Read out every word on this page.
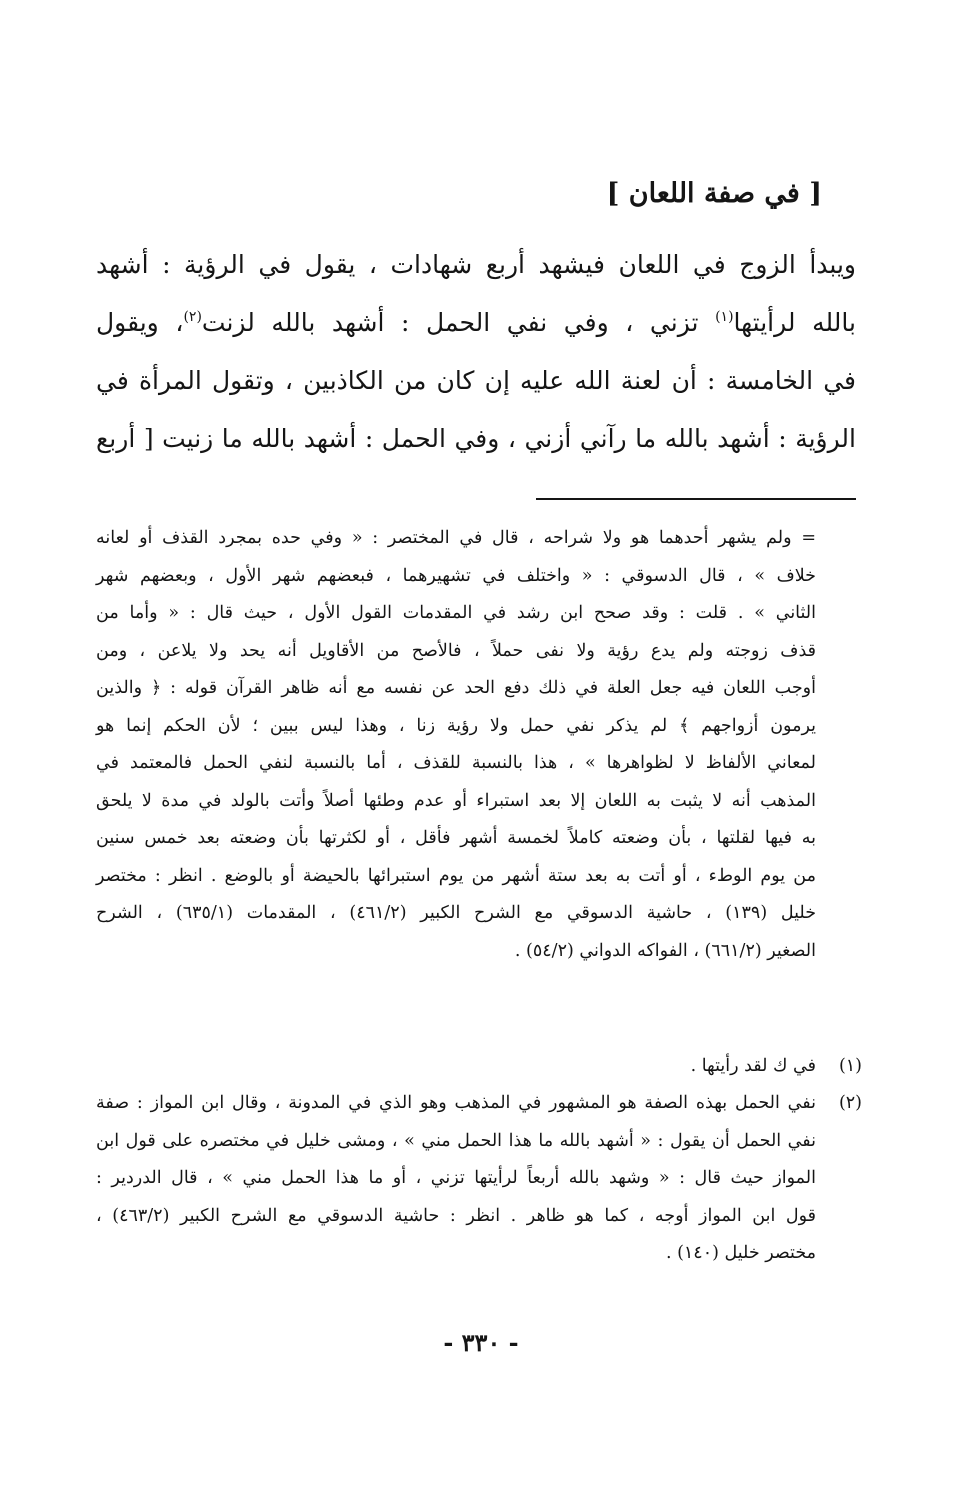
[ في صفة اللعان ]
ويبدأ الزوج في اللعان فيشهد أربع شهادات ، يقول في الرؤية : أشهد
بالله لرأيتها$^{(١)}$ تزني ، وفي نفي الحمل : أشهد بالله لزنت$^{(٢)}$، ويقول
في الخامسة : أن لعنة الله عليه إن كان من الكاذبين ، وتقول المرأة في
الرؤية : أشهد بالله ما رآني أزني ، وفي الحمل : أشهد بالله ما زنيت [ أربع
= ولم يشهر أحدهما هو ولا شراحه ، قال في المختصر : « وفي حده بمجرد القذف أو لعانه
خلاف » ، قال الدسوقي : « واختلف في تشهيرهما ، فبعضهم شهر الأول ، وبعضهم شهر
الثاني » . قلت : وقد صحح ابن رشد في المقدمات القول الأول ، حيث قال : « وأما من
قذف زوجته ولم يدع رؤية ولا نفى حملاً ، فالأصح من الأقاويل أنه يحد ولا يلاعن ، ومن
أوجب اللعان فيه جعل العلة في ذلك دفع الحد عن نفسه مع أنه ظاهر القرآن قوله : ﴿ والذين
يرمون أزواجهم ﴾ لم يذكر نفي حمل ولا رؤية زنا ، وهذا ليس ببين ؛ لأن الحكم إنما هو
لمعاني الألفاظ لا لظواهرها » ، هذا بالنسبة للقذف ، أما بالنسبة لنفي الحمل فالمعتمد في
المذهب أنه لا يثبت به اللعان إلا بعد استبراء أو عدم وطئها أصلاً وأتت بالولد في مدة لا يلحق
به فيها لقلتها ، بأن وضعته كاملاً لخمسة أشهر فأقل ، أو لكثرتها بأن وضعته بعد خمس سنين
من يوم الوطء ، أو أتت به بعد ستة أشهر من يوم استبرائها بالحيضة أو بالوضع . انظر : مختصر
خليل (١٣٩) ، حاشية الدسوقي مع الشرح الكبير (٤٦١/٢) ، المقدمات (٦٣٥/١) ، الشرح
الصغير (٦٦١/٢) ، الفواكه الدواني (٥٤/٢) .
(١)
في ك لقد رأيتها .
(٢)
نفي الحمل بهذه الصفة هو المشهور في المذهب وهو الذي في المدونة ، وقال ابن المواز : صفة
نفي الحمل أن يقول : « أشهد بالله ما هذا الحمل مني » ، ومشى خليل في مختصره على قول ابن
المواز حيث قال : « وشهد بالله أربعاً لرأيتها تزني ، أو ما هذا الحمل مني » ، قال الدردير :
قول ابن المواز أوجه ، كما هو ظاهر . انظر : حاشية الدسوقي مع الشرح الكبير (٤٦٣/٢) ،
مختصر خليل (١٤٠) .
- ٣٣٠ -
